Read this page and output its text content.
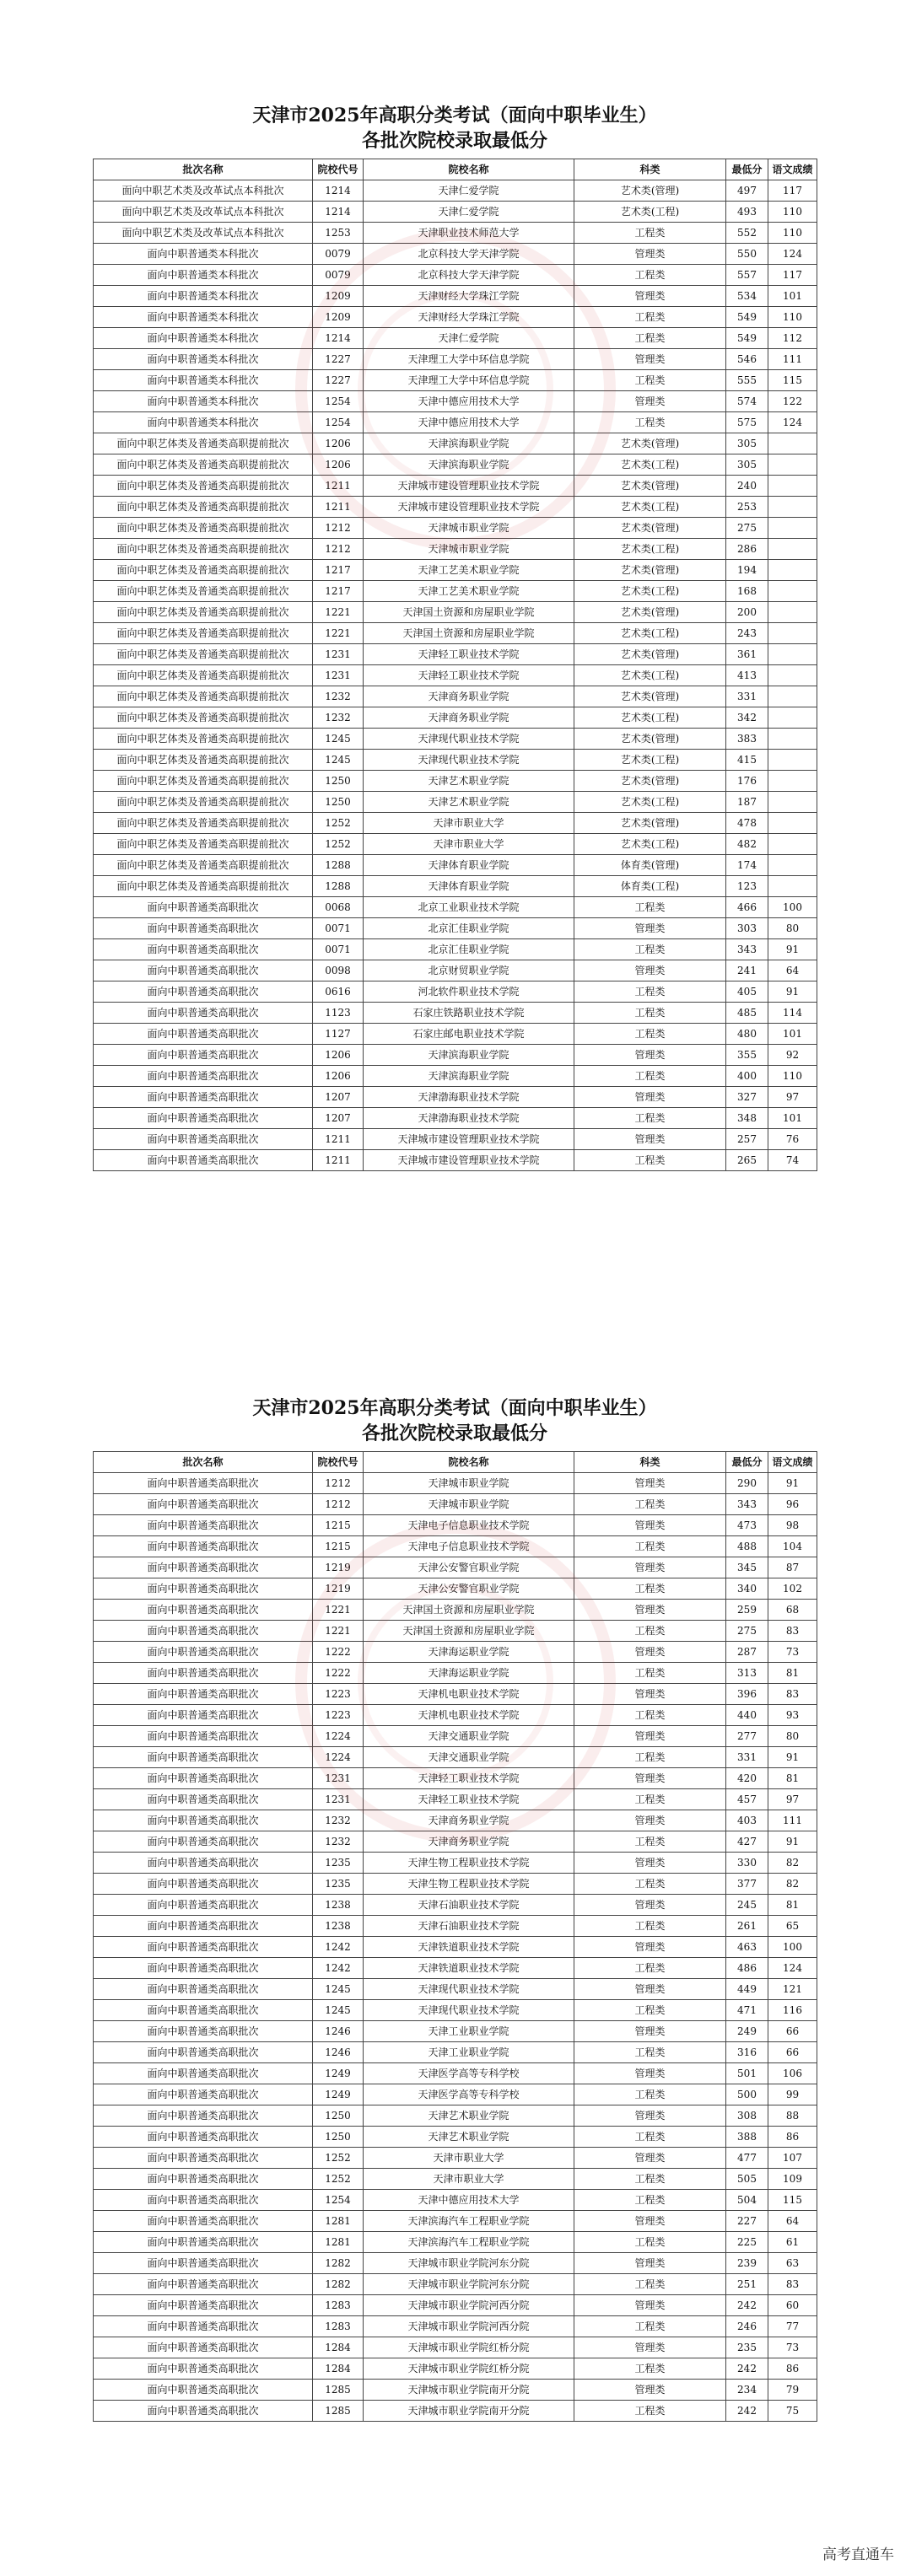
天津市2025年高职分类考试（面向中职毕业生）
各批次院校录取最低分
批次名称	院校代号	院校名称	科类	最低分	语文成绩
面向中职艺术类及改革试点本科批次	1214	天津仁爱学院	艺术类(管理)	497	117
面向中职艺术类及改革试点本科批次	1214	天津仁爱学院	艺术类(工程)	493	110
面向中职艺术类及改革试点本科批次	1253	天津职业技术师范大学	工程类	552	110
面向中职普通类本科批次	0079	北京科技大学天津学院	管理类	550	124
面向中职普通类本科批次	0079	北京科技大学天津学院	工程类	557	117
面向中职普通类本科批次	1209	天津财经大学珠江学院	管理类	534	101
面向中职普通类本科批次	1209	天津财经大学珠江学院	工程类	549	110
面向中职普通类本科批次	1214	天津仁爱学院	工程类	549	112
面向中职普通类本科批次	1227	天津理工大学中环信息学院	管理类	546	111
面向中职普通类本科批次	1227	天津理工大学中环信息学院	工程类	555	115
面向中职普通类本科批次	1254	天津中德应用技术大学	管理类	574	122
面向中职普通类本科批次	1254	天津中德应用技术大学	工程类	575	124
面向中职艺体类及普通类高职提前批次	1206	天津滨海职业学院	艺术类(管理)	305	
面向中职艺体类及普通类高职提前批次	1206	天津滨海职业学院	艺术类(工程)	305	
面向中职艺体类及普通类高职提前批次	1211	天津城市建设管理职业技术学院	艺术类(管理)	240	
面向中职艺体类及普通类高职提前批次	1211	天津城市建设管理职业技术学院	艺术类(工程)	253	
面向中职艺体类及普通类高职提前批次	1212	天津城市职业学院	艺术类(管理)	275	
面向中职艺体类及普通类高职提前批次	1212	天津城市职业学院	艺术类(工程)	286	
面向中职艺体类及普通类高职提前批次	1217	天津工艺美术职业学院	艺术类(管理)	194	
面向中职艺体类及普通类高职提前批次	1217	天津工艺美术职业学院	艺术类(工程)	168	
面向中职艺体类及普通类高职提前批次	1221	天津国土资源和房屋职业学院	艺术类(管理)	200	
面向中职艺体类及普通类高职提前批次	1221	天津国土资源和房屋职业学院	艺术类(工程)	243	
面向中职艺体类及普通类高职提前批次	1231	天津轻工职业技术学院	艺术类(管理)	361	
面向中职艺体类及普通类高职提前批次	1231	天津轻工职业技术学院	艺术类(工程)	413	
面向中职艺体类及普通类高职提前批次	1232	天津商务职业学院	艺术类(管理)	331	
面向中职艺体类及普通类高职提前批次	1232	天津商务职业学院	艺术类(工程)	342	
面向中职艺体类及普通类高职提前批次	1245	天津现代职业技术学院	艺术类(管理)	383	
面向中职艺体类及普通类高职提前批次	1245	天津现代职业技术学院	艺术类(工程)	415	
面向中职艺体类及普通类高职提前批次	1250	天津艺术职业学院	艺术类(管理)	176	
面向中职艺体类及普通类高职提前批次	1250	天津艺术职业学院	艺术类(工程)	187	
面向中职艺体类及普通类高职提前批次	1252	天津市职业大学	艺术类(管理)	478	
面向中职艺体类及普通类高职提前批次	1252	天津市职业大学	艺术类(工程)	482	
面向中职艺体类及普通类高职提前批次	1288	天津体育职业学院	体育类(管理)	174	
面向中职艺体类及普通类高职提前批次	1288	天津体育职业学院	体育类(工程)	123	
面向中职普通类高职批次	0068	北京工业职业技术学院	工程类	466	100
面向中职普通类高职批次	0071	北京汇佳职业学院	管理类	303	80
面向中职普通类高职批次	0071	北京汇佳职业学院	工程类	343	91
面向中职普通类高职批次	0098	北京财贸职业学院	管理类	241	64
面向中职普通类高职批次	0616	河北软件职业技术学院	工程类	405	91
面向中职普通类高职批次	1123	石家庄铁路职业技术学院	工程类	485	114
面向中职普通类高职批次	1127	石家庄邮电职业技术学院	工程类	480	101
面向中职普通类高职批次	1206	天津滨海职业学院	管理类	355	92
面向中职普通类高职批次	1206	天津滨海职业学院	工程类	400	110
面向中职普通类高职批次	1207	天津渤海职业技术学院	管理类	327	97
面向中职普通类高职批次	1207	天津渤海职业技术学院	工程类	348	101
面向中职普通类高职批次	1211	天津城市建设管理职业技术学院	管理类	257	76
面向中职普通类高职批次	1211	天津城市建设管理职业技术学院	工程类	265	74
天津市2025年高职分类考试（面向中职毕业生）
各批次院校录取最低分
批次名称	院校代号	院校名称	科类	最低分	语文成绩
面向中职普通类高职批次	1212	天津城市职业学院	管理类	290	91
面向中职普通类高职批次	1212	天津城市职业学院	工程类	343	96
面向中职普通类高职批次	1215	天津电子信息职业技术学院	管理类	473	98
面向中职普通类高职批次	1215	天津电子信息职业技术学院	工程类	488	104
面向中职普通类高职批次	1219	天津公安警官职业学院	管理类	345	87
面向中职普通类高职批次	1219	天津公安警官职业学院	工程类	340	102
面向中职普通类高职批次	1221	天津国土资源和房屋职业学院	管理类	259	68
面向中职普通类高职批次	1221	天津国土资源和房屋职业学院	工程类	275	83
面向中职普通类高职批次	1222	天津海运职业学院	管理类	287	73
面向中职普通类高职批次	1222	天津海运职业学院	工程类	313	81
面向中职普通类高职批次	1223	天津机电职业技术学院	管理类	396	83
面向中职普通类高职批次	1223	天津机电职业技术学院	工程类	440	93
面向中职普通类高职批次	1224	天津交通职业学院	管理类	277	80
面向中职普通类高职批次	1224	天津交通职业学院	工程类	331	91
面向中职普通类高职批次	1231	天津轻工职业技术学院	管理类	420	81
面向中职普通类高职批次	1231	天津轻工职业技术学院	工程类	457	97
面向中职普通类高职批次	1232	天津商务职业学院	管理类	403	111
面向中职普通类高职批次	1232	天津商务职业学院	工程类	427	91
面向中职普通类高职批次	1235	天津生物工程职业技术学院	管理类	330	82
面向中职普通类高职批次	1235	天津生物工程职业技术学院	工程类	377	82
面向中职普通类高职批次	1238	天津石油职业技术学院	管理类	245	81
面向中职普通类高职批次	1238	天津石油职业技术学院	工程类	261	65
面向中职普通类高职批次	1242	天津铁道职业技术学院	管理类	463	100
面向中职普通类高职批次	1242	天津铁道职业技术学院	工程类	486	124
面向中职普通类高职批次	1245	天津现代职业技术学院	管理类	449	121
面向中职普通类高职批次	1245	天津现代职业技术学院	工程类	471	116
面向中职普通类高职批次	1246	天津工业职业学院	管理类	249	66
面向中职普通类高职批次	1246	天津工业职业学院	工程类	316	66
面向中职普通类高职批次	1249	天津医学高等专科学校	管理类	501	106
面向中职普通类高职批次	1249	天津医学高等专科学校	工程类	500	99
面向中职普通类高职批次	1250	天津艺术职业学院	管理类	308	88
面向中职普通类高职批次	1250	天津艺术职业学院	工程类	388	86
面向中职普通类高职批次	1252	天津市职业大学	管理类	477	107
面向中职普通类高职批次	1252	天津市职业大学	工程类	505	109
面向中职普通类高职批次	1254	天津中德应用技术大学	工程类	504	115
面向中职普通类高职批次	1281	天津滨海汽车工程职业学院	管理类	227	64
面向中职普通类高职批次	1281	天津滨海汽车工程职业学院	工程类	225	61
面向中职普通类高职批次	1282	天津城市职业学院河东分院	管理类	239	63
面向中职普通类高职批次	1282	天津城市职业学院河东分院	工程类	251	83
面向中职普通类高职批次	1283	天津城市职业学院河西分院	管理类	242	60
面向中职普通类高职批次	1283	天津城市职业学院河西分院	工程类	246	77
面向中职普通类高职批次	1284	天津城市职业学院红桥分院	管理类	235	73
面向中职普通类高职批次	1284	天津城市职业学院红桥分院	工程类	242	86
面向中职普通类高职批次	1285	天津城市职业学院南开分院	管理类	234	79
面向中职普通类高职批次	1285	天津城市职业学院南开分院	工程类	242	75
高考直通车
